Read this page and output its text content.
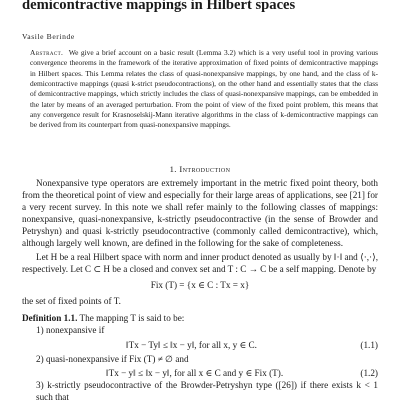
demicontractive mappings in Hilbert spaces
Vasile Berinde
Abstract. We give a brief account on a basic result (Lemma 3.2) which is a very useful tool in proving various convergence theorems in the framework of the iterative approximation of fixed points of demicontractive mappings in Hilbert spaces. This Lemma relates the class of quasi-nonexpansive mappings, by one hand, and the class of k-demicontractive mappings (quasi k-strict pseudocontractions), on the other hand and essentially states that the class of demicontractive mappings, which strictly includes the class of quasi-nonexpansive mappings, can be embedded in the later by means of an averaged perturbation. From the point of view of the fixed point problem, this means that any convergence result for Krasnoselskij-Mann iterative algorithms in the class of k-demicontractive mappings can be derived from its counterpart from quasi-nonexpansive mappings.
1. Introduction
Nonexpansive type operators are extremely important in the metric fixed point theory, both from the theoretical point of view and especially for their large areas of applications, see [21] for a very recent survey. In this note we shall refer mainly to the following classes of mappings: nonexpansive, quasi-nonexpansive, k-strictly pseudocontractive (in the sense of Browder and Petryshyn) and quasi k-strictly pseudocontractive (commonly called demicontractive), which, although largely well known, are defined in the following for the sake of completeness.
Let H be a real Hilbert space with norm and inner product denoted as usually by ‖·‖ and ⟨·,·⟩, respectively. Let C ⊂ H be a closed and convex set and T : C → C be a self mapping. Denote by
Fix (T) = {x ∈ C : Tx = x}
the set of fixed points of T.
Definition 1.1. The mapping T is said to be:
1) nonexpansive if
‖Tx − Ty‖ ≤ ‖x − y‖, for all x, y ∈ C.	(1.1)
2) quasi-nonexpansive if Fix (T) ≠ ∅ and
‖Tx − y‖ ≤ ‖x − y‖, for all x ∈ C and y ∈ Fix (T).	(1.2)
3) k-strictly pseudocontractive of the Browder-Petryshyn type ([26]) if there exists k < 1 such that
